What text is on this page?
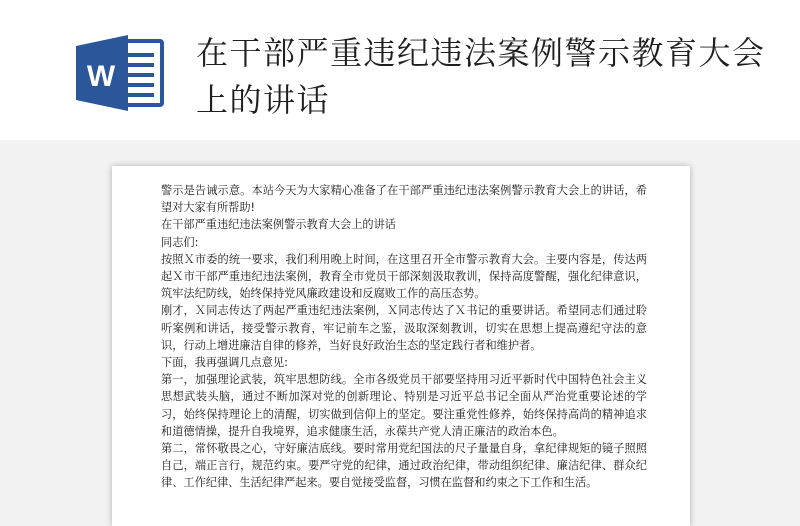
W
在干部严重违纪违法案例警示教育大会上的讲话

警示是告诫示意。本站今天为大家精心准备了在干部严重违纪违法案例警示教育大会上的讲话，希望对大家有所帮助!

在干部严重违纪违法案例警示教育大会上的讲话

同志们:

按照Ｘ市委的统一要求，我们利用晚上时间，在这里召开全市警示教育大会。主要内容是，传达两起Ｘ市干部严重违纪违法案例，教育全市党员干部深刻汲取教训，保持高度警醒，强化纪律意识，筑牢法纪防线，始终保持党风廉政建设和反腐败工作的高压态势。

刚才，Ｘ同志传达了两起严重违纪违法案例，Ｘ同志传达了Ｘ书记的重要讲话。希望同志们通过聆听案例和讲话，接受警示教育，牢记前车之鉴，汲取深刻教训，切实在思想上提高遵纪守法的意识，行动上增进廉洁自律的修养，当好良好政治生态的坚定践行者和维护者。

下面，我再强调几点意见:

第一，加强理论武装，筑牢思想防线。全市各级党员干部要坚持用习近平新时代中国特色社会主义思想武装头脑，通过不断加深对党的创新理论、特别是习近平总书记全面从严治党重要论述的学习，始终保持理论上的清醒，切实做到信仰上的坚定。要注重党性修养，始终保持高尚的精神追求和道德情操，提升自我境界，追求健康生活，永葆共产党人清正廉洁的政治本色。

第二，常怀敬畏之心，守好廉洁底线。要时常用党纪国法的尺子量量自身，拿纪律规矩的镜子照照自己，端正言行，规范约束。要严守党的纪律，通过政治纪律，带动组织纪律、廉洁纪律、群众纪律、工作纪律、生活纪律严起来。要自觉接受监督，习惯在监督和约束之下工作和生活。
